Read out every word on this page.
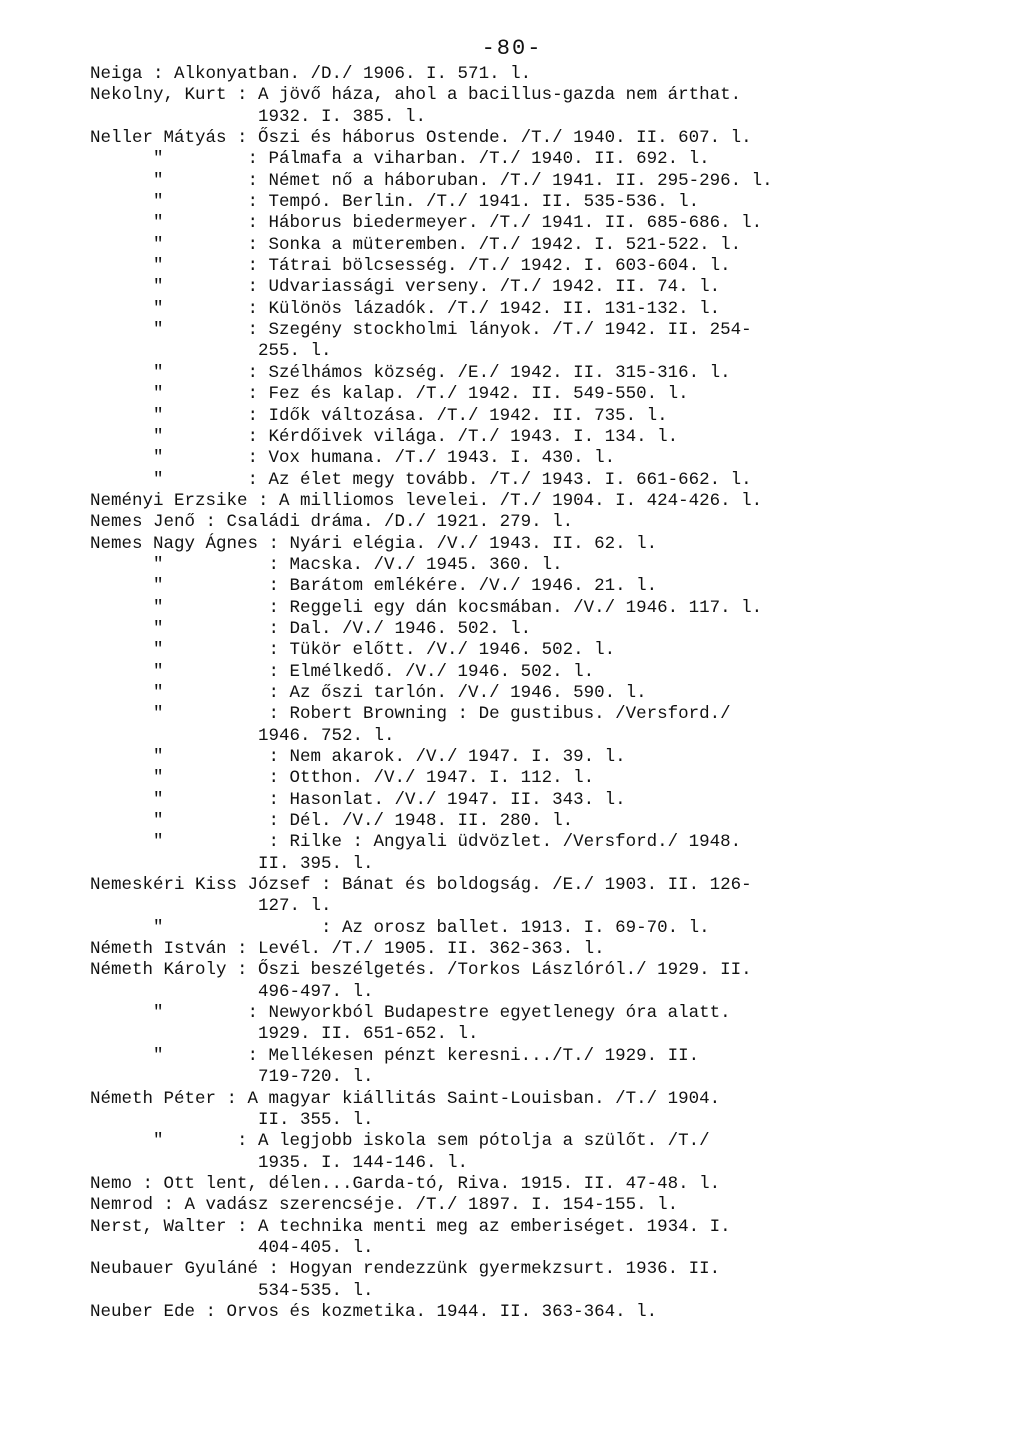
-80-
Neiga : Alkonyatban. /D./ 1906. I. 571. l.
Nekolny, Kurt : A jövő háza, ahol a bacillus-gazda nem árthat.
1932. I. 385. l.
Neller Mátyás : Őszi és háborus Ostende. /T./ 1940. II. 607. l.
"        : Pálmafa a viharban. /T./ 1940. II. 692. l.
"        : Német nő a háboruban. /T./ 1941. II. 295-296. l.
"        : Tempó. Berlin. /T./ 1941. II. 535-536. l.
"        : Háborus biedermeyer. /T./ 1941. II. 685-686. l.
"        : Sonka a müteremben. /T./ 1942. I. 521-522. l.
"        : Tátrai bölcsesség. /T./ 1942. I. 603-604. l.
"        : Udvariassági verseny. /T./ 1942. II. 74. l.
"        : Különös lázadók. /T./ 1942. II. 131-132. l.
"        : Szegény stockholmi lányok. /T./ 1942. II. 254-
255. l.
"        : Szélhámos község. /E./ 1942. II. 315-316. l.
"        : Fez és kalap. /T./ 1942. II. 549-550. l.
"        : Idők változása. /T./ 1942. II. 735. l.
"        : Kérdőivek világa. /T./ 1943. I. 134. l.
"        : Vox humana. /T./ 1943. I. 430. l.
"        : Az élet megy tovább. /T./ 1943. I. 661-662. l.
Neményi Erzsike : A milliomos levelei. /T./ 1904. I. 424-426. l.
Nemes Jenő : Családi dráma. /D./ 1921. 279. l.
Nemes Nagy Ágnes : Nyári elégia. /V./ 1943. II. 62. l.
"          : Macska. /V./ 1945. 360. l.
"          : Barátom emlékére. /V./ 1946. 21. l.
"          : Reggeli egy dán kocsmában. /V./ 1946. 117. l.
"          : Dal. /V./ 1946. 502. l.
"          : Tükör előtt. /V./ 1946. 502. l.
"          : Elmélkedő. /V./ 1946. 502. l.
"          : Az őszi tarlón. /V./ 1946. 590. l.
"          : Robert Browning : De gustibus. /Versford./
1946. 752. l.
"          : Nem akarok. /V./ 1947. I. 39. l.
"          : Otthon. /V./ 1947. I. 112. l.
"          : Hasonlat. /V./ 1947. II. 343. l.
"          : Dél. /V./ 1948. II. 280. l.
"          : Rilke : Angyali üdvözlet. /Versford./ 1948.
II. 395. l.
Nemeskéri Kiss József : Bánat és boldogság. /E./ 1903. II. 126-
127. l.
"               : Az orosz ballet. 1913. I. 69-70. l.
Németh István : Levél. /T./ 1905. II. 362-363. l.
Németh Károly : Őszi beszélgetés. /Torkos Lászlóról./ 1929. II.
496-497. l.
"        : Newyorkból Budapestre egyetlenegy óra alatt.
1929. II. 651-652. l.
"        : Mellékesen pénzt keresni.../T./ 1929. II.
719-720. l.
Németh Péter : A magyar kiállitás Saint-Louisban. /T./ 1904.
II. 355. l.
"       : A legjobb iskola sem pótolja a szülőt. /T./
1935. I. 144-146. l.
Nemo : Ott lent, délen...Garda-tó, Riva. 1915. II. 47-48. l.
Nemrod : A vadász szerencséje. /T./ 1897. I. 154-155. l.
Nerst, Walter : A technika menti meg az emberiséget. 1934. I.
404-405. l.
Neubauer Gyuláné : Hogyan rendezzünk gyermekzsurt. 1936. II.
534-535. l.
Neuber Ede : Orvos és kozmetika. 1944. II. 363-364. l.
